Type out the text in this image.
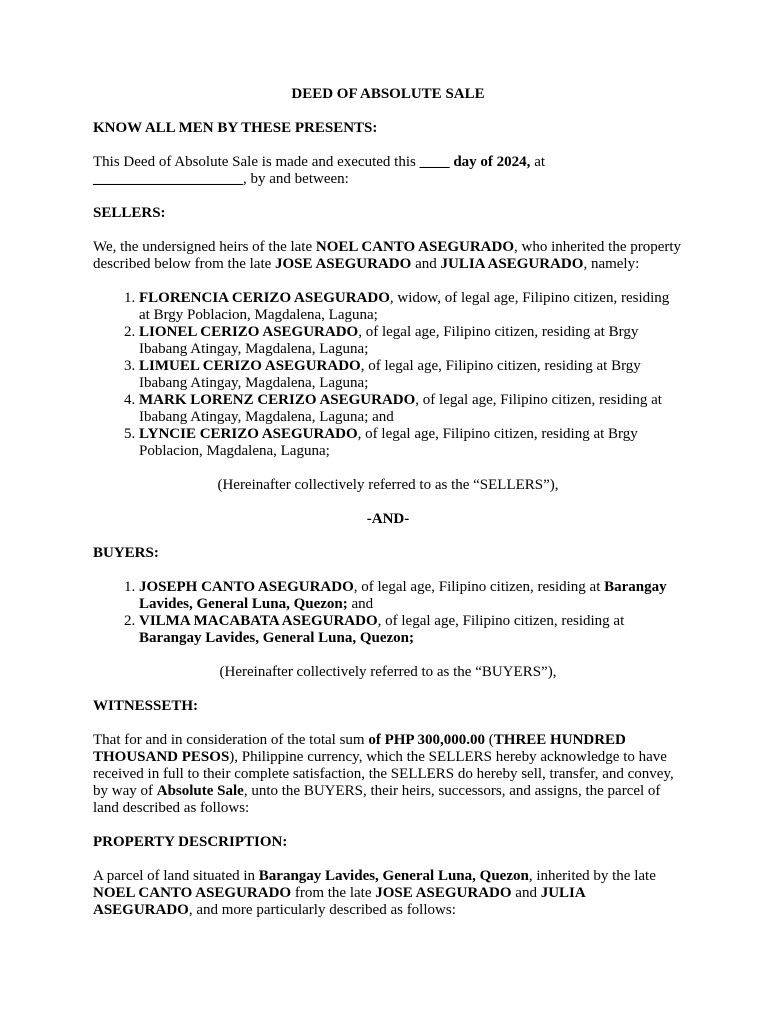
DEED OF ABSOLUTE SALE
KNOW ALL MEN BY THESE PRESENTS:

This Deed of Absolute Sale is made and executed this ____ day of 2024, at ____________________, by and between:

SELLERS:

We, the undersigned heirs of the late NOEL CANTO ASEGURADO, who inherited the property described below from the late JOSE ASEGURADO and JULIA ASEGURADO, namely:

1. FLORENCIA CERIZO ASEGURADO, widow, of legal age, Filipino citizen, residing at Brgy Poblacion, Magdalena, Laguna;
2. LIONEL CERIZO ASEGURADO, of legal age, Filipino citizen, residing at Brgy Ibabang Atingay, Magdalena, Laguna;
3. LIMUEL CERIZO ASEGURADO, of legal age, Filipino citizen, residing at Brgy Ibabang Atingay, Magdalena, Laguna;
4. MARK LORENZ CERIZO ASEGURADO, of legal age, Filipino citizen, residing at Ibabang Atingay, Magdalena, Laguna; and
5. LYNCIE CERIZO ASEGURADO, of legal age, Filipino citizen, residing at Brgy Poblacion, Magdalena, Laguna;

(Hereinafter collectively referred to as the “SELLERS”),

-AND-
BUYERS:
1. JOSEPH CANTO ASEGURADO, of legal age, Filipino citizen, residing at Barangay Lavides, General Luna, Quezon; and
2. VILMA MACABATA ASEGURADO, of legal age, Filipino citizen, residing at Barangay Lavides, General Luna, Quezon;

(Hereinafter collectively referred to as the “BUYERS”),

WITNESSETH:

That for and in consideration of the total sum of PHP 300,000.00 (THREE HUNDRED THOUSAND PESOS), Philippine currency, which the SELLERS hereby acknowledge to have received in full to their complete satisfaction, the SELLERS do hereby sell, transfer, and convey, by way of Absolute Sale, unto the BUYERS, their heirs, successors, and assigns, the parcel of land described as follows:

PROPERTY DESCRIPTION:

A parcel of land situated in Barangay Lavides, General Luna, Quezon, inherited by the late NOEL CANTO ASEGURADO from the late JOSE ASEGURADO and JULIA ASEGURADO, and more particularly described as follows:
